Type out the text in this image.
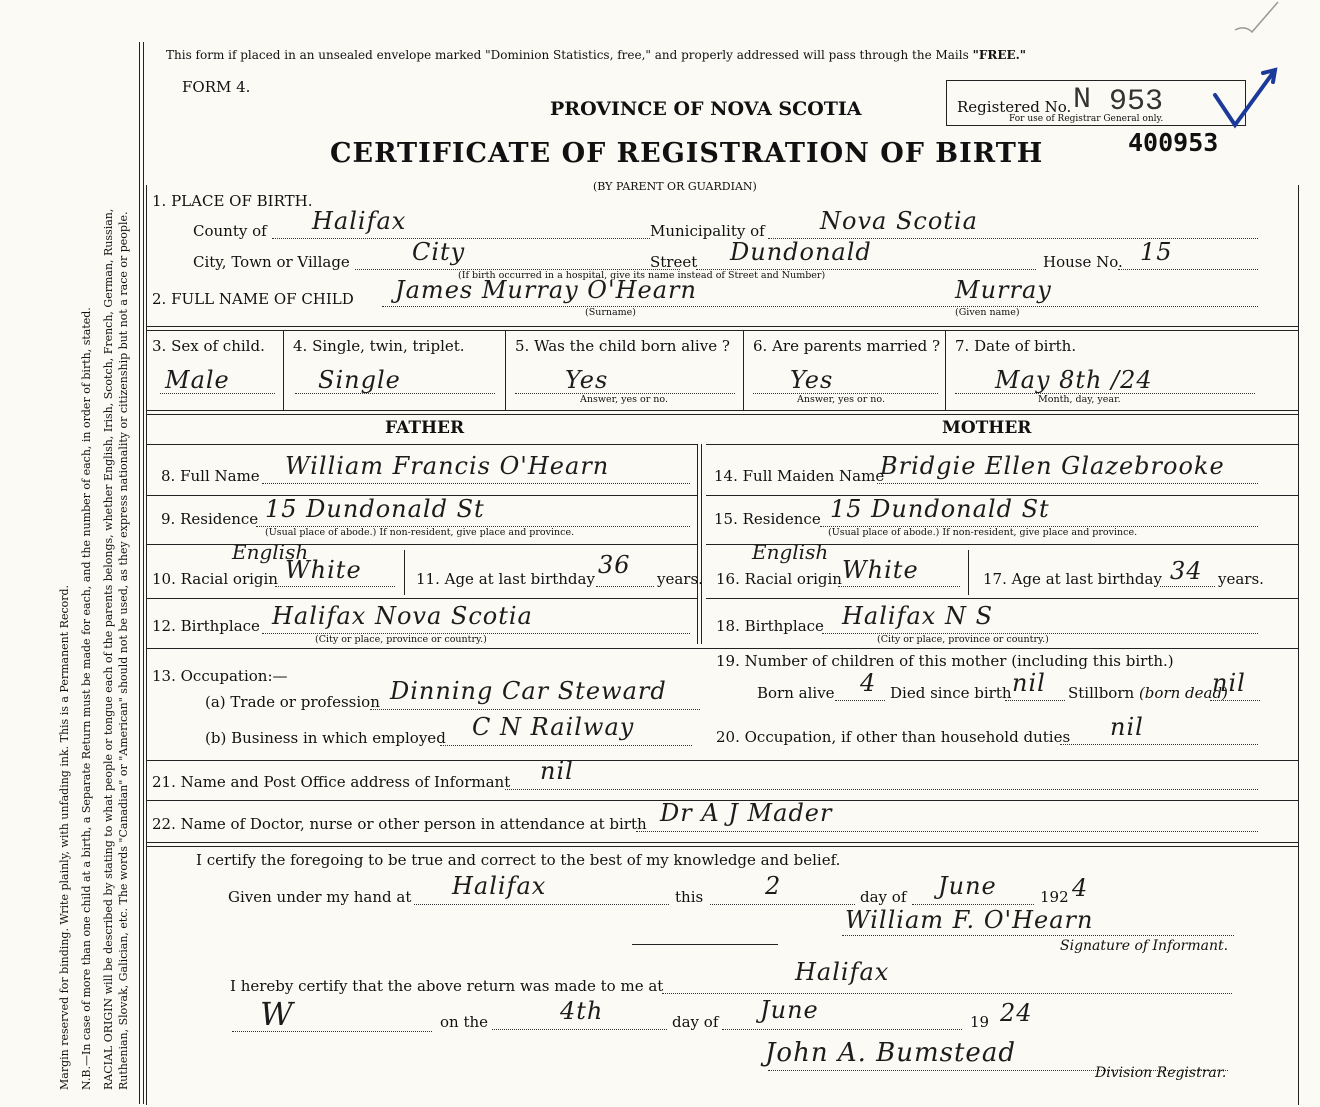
Margin reserved for binding. Write plainly, with unfading ink. This is a Permanent Record. N.B.—In case of more than one child at a birth, a Separate Return must be made for each, and the number of each, in order of birth, stated. RACIAL ORIGIN will be described by stating to what people or tongue each of the parents belongs, whether English, Irish, Scotch, French, German, Russian, Ruthenian, Slovak, Galician, etc. The words "Canadian" or "American" should not be used, as they express nationality or citizenship but not a race or people.
This form if placed in an unsealed envelope marked "Dominion Statistics, free," and properly addressed will pass through the Mails "FREE."
FORM 4.
PROVINCE OF NOVA SCOTIA
CERTIFICATE OF REGISTRATION OF BIRTH
(BY PARENT OR GUARDIAN)
Registered No. N 953
For use of Registrar General only.
400953
1. PLACE OF BIRTH.
County of Halifax	Municipality of Nova Scotia
City, Town or Village	City	Street Dundonald	House No. 15
(If birth occurred in a hospital, give its name instead of Street and Number)
2. FULL NAME OF CHILD James Murray O'Hearn	Murray
(Surname)	(Given name)
3. Sex of child.
Male
4. Single, twin, triplet.
Single
5. Was the child born alive ?
Yes
Answer, yes or no.
6. Are parents married ?
Yes
Answer, yes or no.
7. Date of birth.
May 8th /24
Month, day, year.
FATHER	MOTHER
8. Full Name William Francis O'Hearn
9. Residence 15 Dundonald St
(Usual place of abode.) If non-resident, give place and province.
English
10. Racial origin White	11. Age at last birthday 36 years.
12. Birthplace Halifax Nova Scotia
(City or place, province or country.)
14. Full Maiden Name
Bridgie Ellen Glazebrooke
15. Residence 15 Dundonald St
(Usual place of abode.) If non-resident, give place and province.
English
16. Racial origin White	17. Age at last birthday 34 years.
18. Birthplace Halifax N S
(City or place, province or country.)
13. Occupation:—
(a) Trade or profession Dinning Car Steward
(b) Business in which employed C N Railway
19. Number of children of this mother (including this birth.)
Born alive 4 Died since birth nil Stillborn (born dead)
nil
20. Occupation, if other than household duties nil
21. Name and Post Office address of Informant nil
22. Name of Doctor, nurse or other person in attendance at birth Dr A J Mader
I certify the foregoing to be true and correct to the best of my knowledge and belief.
Given under my hand at Halifax	this	2	day of June	192 4
William F. O'Hearn
Signature of Informant.
I hereby certify that the above return was made to me at	Halifax
W	on the	4th	day of June	19 24
John A. Bumstead
Division Registrar.
